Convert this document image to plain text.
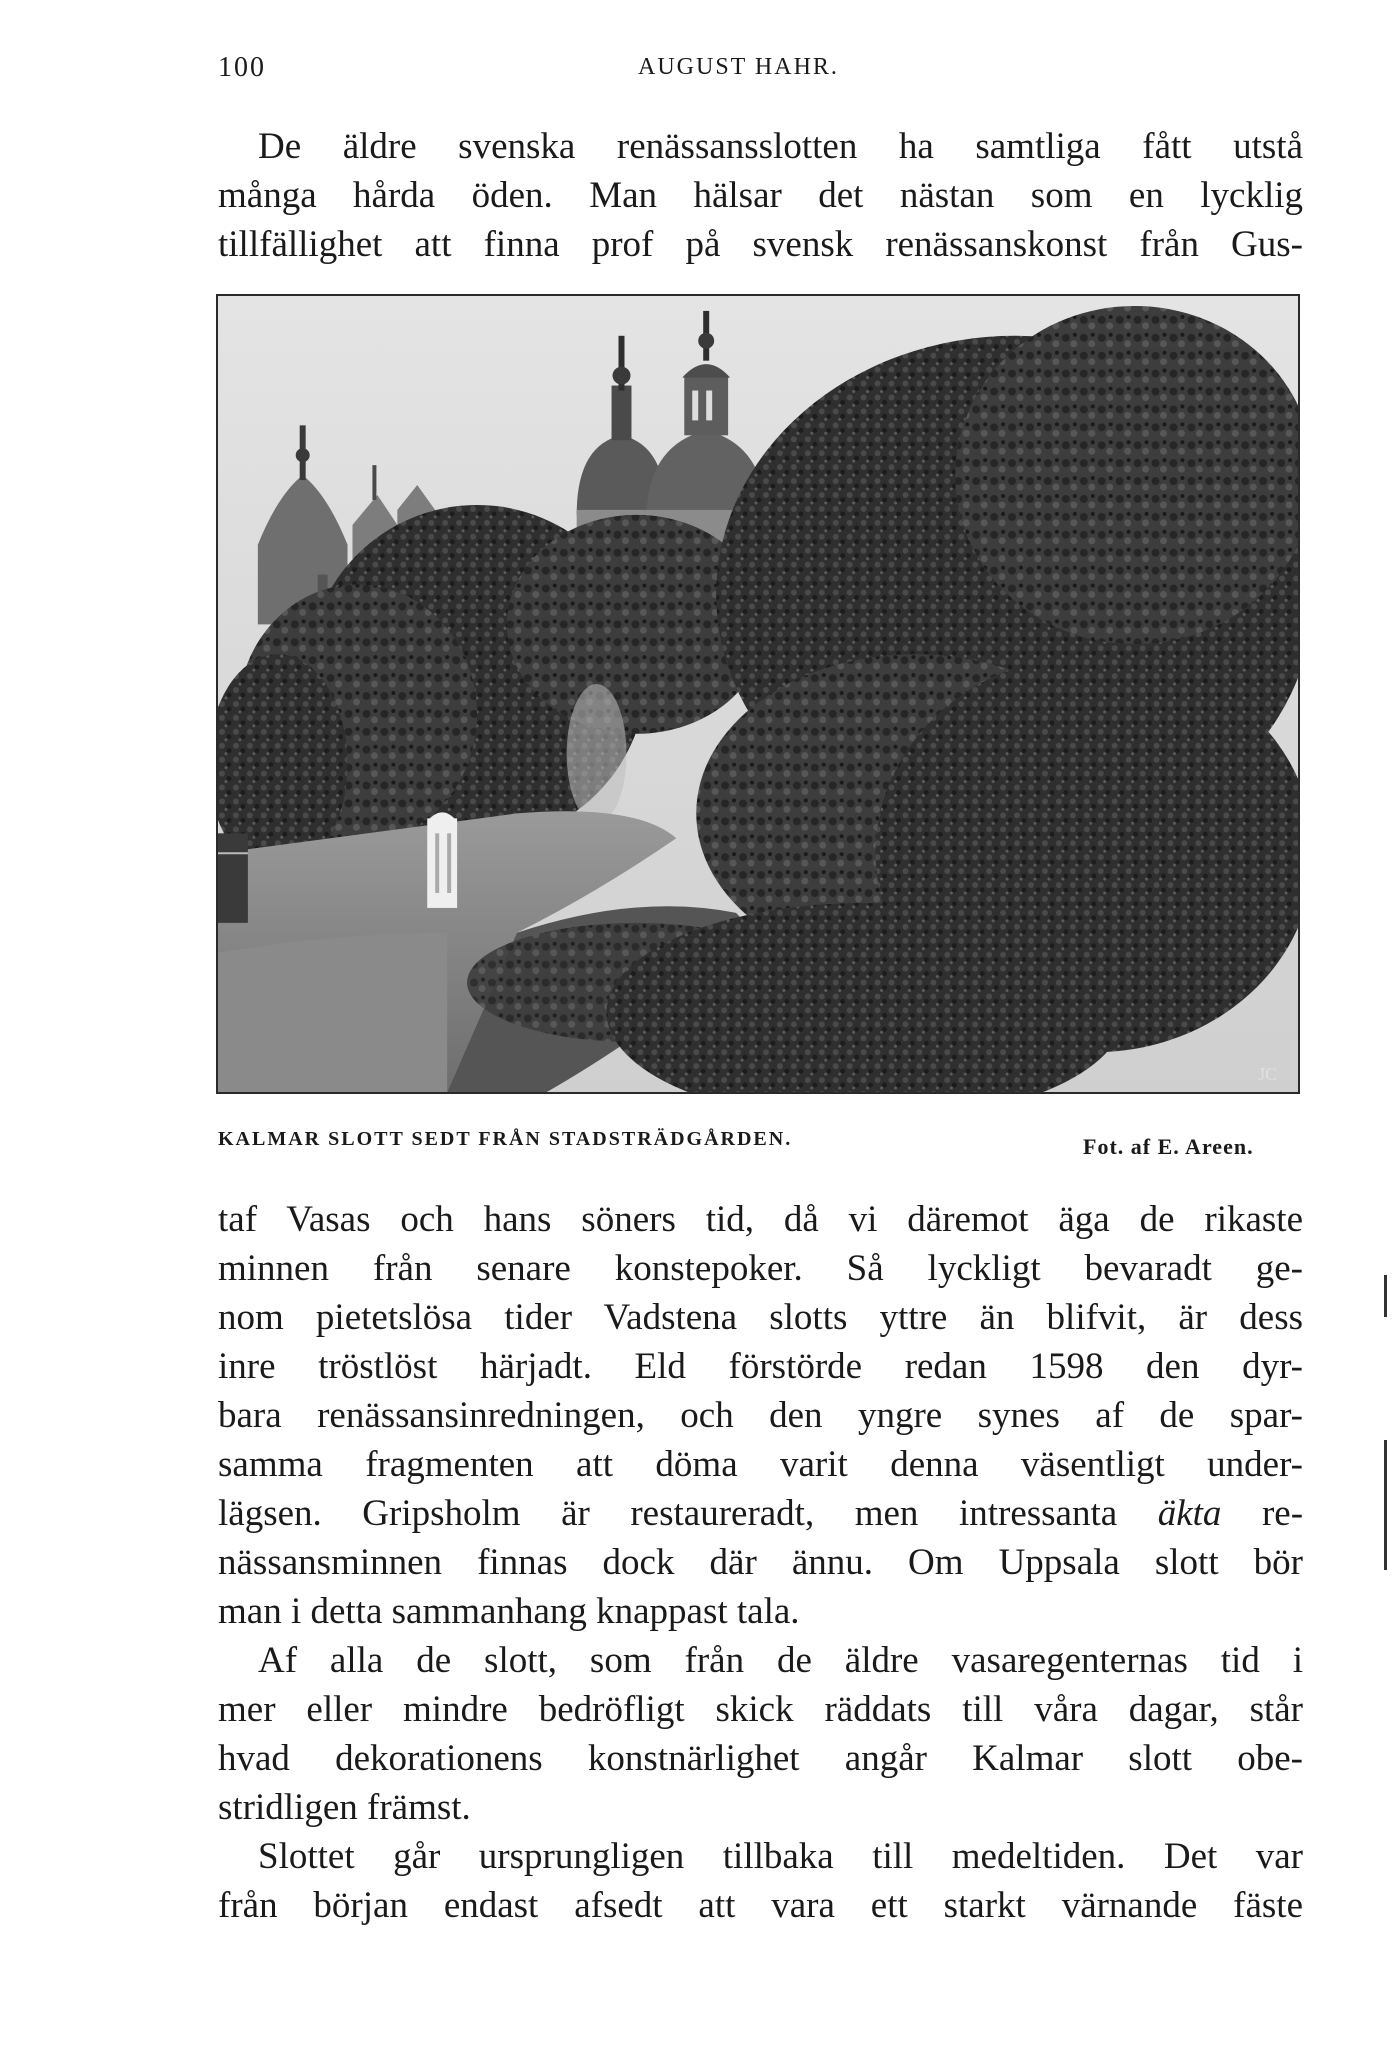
100	AUGUST HAHR.

De äldre svenska renässansslotten ha samtliga fått utstå
många hårda öden. Man hälsar det nästan som en lycklig
tillfällighet att finna prof på svensk renässanskonst från Gus-

JC
KALMAR SLOTT SEDT FRÅN STADSTRÄDGÅRDEN.	Fot. af E. Areen.

taf Vasas och hans söners tid, då vi däremot äga de rikaste
minnen från senare konstepoker. Så lyckligt bevaradt ge-
nom pietetslösa tider Vadstena slotts yttre än blifvit, är dess
inre tröstlöst härjadt. Eld förstörde redan 1598 den dyr-
bara renässansinredningen, och den yngre synes af de spar-
samma fragmenten att döma varit denna väsentligt under-
lägsen. Gripsholm är restaureradt, men intressanta äkta re-
nässansminnen finnas dock där ännu. Om Uppsala slott bör
man i detta sammanhang knappast tala.

Af alla de slott, som från de äldre vasaregenternas tid i
mer eller mindre bedröfligt skick räddats till våra dagar, står
hvad dekorationens konstnärlighet angår Kalmar slott obe-
stridligen främst.

Slottet går ursprungligen tillbaka till medeltiden. Det var
från början endast afsedt att vara ett starkt värnande fäste
